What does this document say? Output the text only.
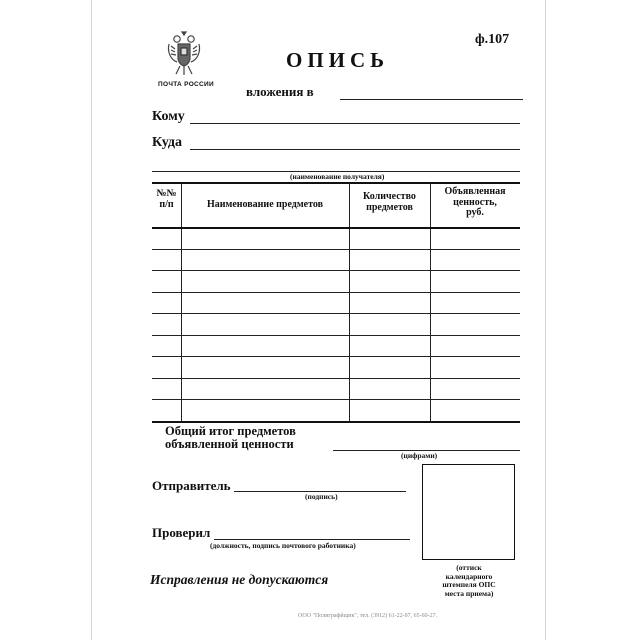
ПОЧТА РОССИИ
ф.107
ОПИСЬ
вложения в
Кому
Куда
(наименование получателя)
№№
п/п	Наименование предметов
Количество
предметов
Объявленная
ценность,
руб.
Общий итог предметов
объявленной ценности
(цифрами)
Отправитель
(подпись)
Проверил
(должность, подпись почтового работника)
(оттиск
календарного
штемпеля ОПС
места приема)
Исправления не допускаются
ООО "Полиграфйщик", тел. (3912) 61-22-97, 65-60-27.
